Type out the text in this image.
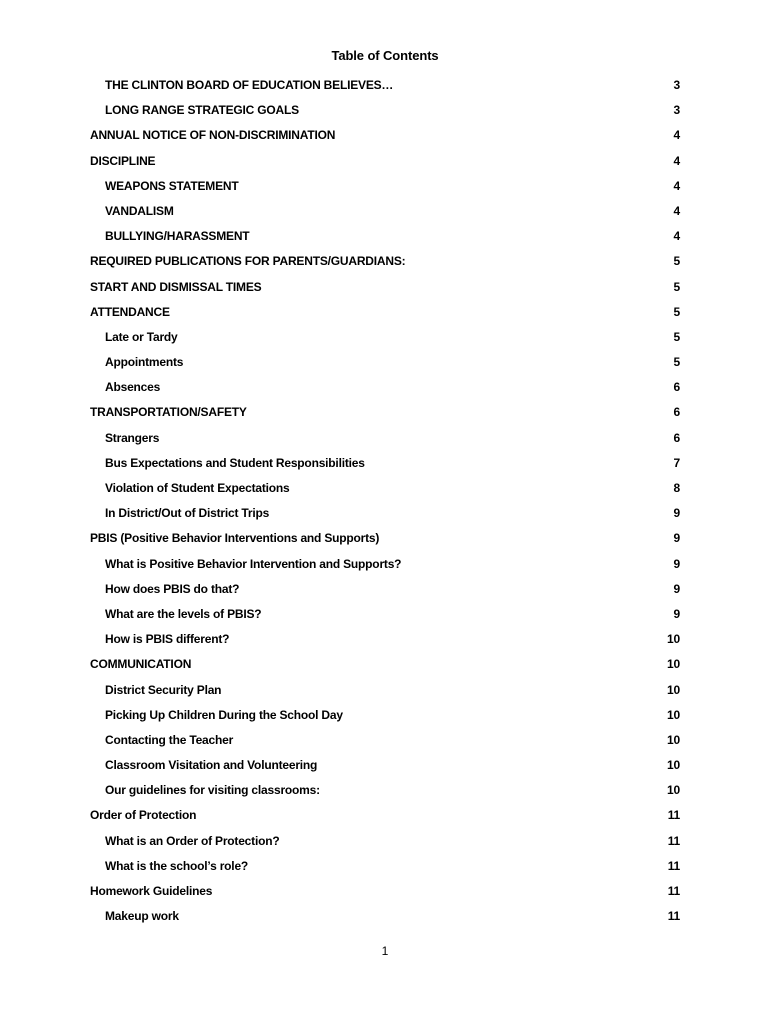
Table of Contents
THE CLINTON BOARD OF EDUCATION BELIEVES…	3
LONG RANGE STRATEGIC GOALS	3
ANNUAL NOTICE OF NON-DISCRIMINATION	4
DISCIPLINE	4
WEAPONS STATEMENT	4
VANDALISM	4
BULLYING/HARASSMENT	4
REQUIRED PUBLICATIONS FOR PARENTS/GUARDIANS:	5
START AND DISMISSAL TIMES	5
ATTENDANCE	5
Late or Tardy	5
Appointments	5
Absences	6
TRANSPORTATION/SAFETY	6
Strangers	6
Bus Expectations and Student Responsibilities	7
Violation of Student Expectations	8
In District/Out of District Trips	9
PBIS (Positive Behavior Interventions and Supports)	9
What is Positive Behavior Intervention and Supports?	9
How does PBIS do that?	9
What are the levels of PBIS?	9
How is PBIS different?	10
COMMUNICATION	10
District Security Plan	10
Picking Up Children During the School Day	10
Contacting the Teacher	10
Classroom Visitation and Volunteering	10
Our guidelines for visiting classrooms:	10
Order of Protection	11
What is an Order of Protection?	11
What is the school’s role?	11
Homework Guidelines	11
Makeup work	11
1
